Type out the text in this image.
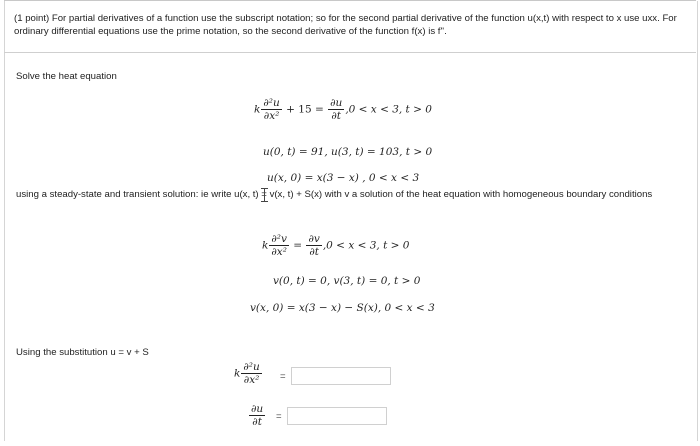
(1 point) For partial derivatives of a function use the subscript notation; so for the second partial derivative of the function u(x,t) with respect to x use uxx. For ordinary differential equations use the prime notation, so the second derivative of the function f(x) is f''.
Solve the heat equation
k $\frac{\text{∂²u}}{\text{∂x²}} + 15 = \frac{\partial u}{\partial t} ,0 < x < 3$, t > 0
u(0, t) = 91, u(3, t) = 103, t > 0
u(x, 0) = x(3 − x) , 0 < x < 3
using a steady-state and transient solution: ie write u(x, t) = v(x, t) + S(x) with v a solution of the heat equation with homogeneous boundary conditions
k $\frac{\text{∂²v}}{\text{∂x²}} = \frac{\partial v}{\partial t} ,0 < x < 3$, t > 0
v(0, t) = 0, v(3, t) = 0, t > 0
v(x, 0) = x(3 − x) − S(x), 0 < x < 3
Using the substitution u = v + S
k $\frac{\text{∂²u}}{\text{∂x²}}$ =
$\frac{\partial u}{\partial t}$ =
